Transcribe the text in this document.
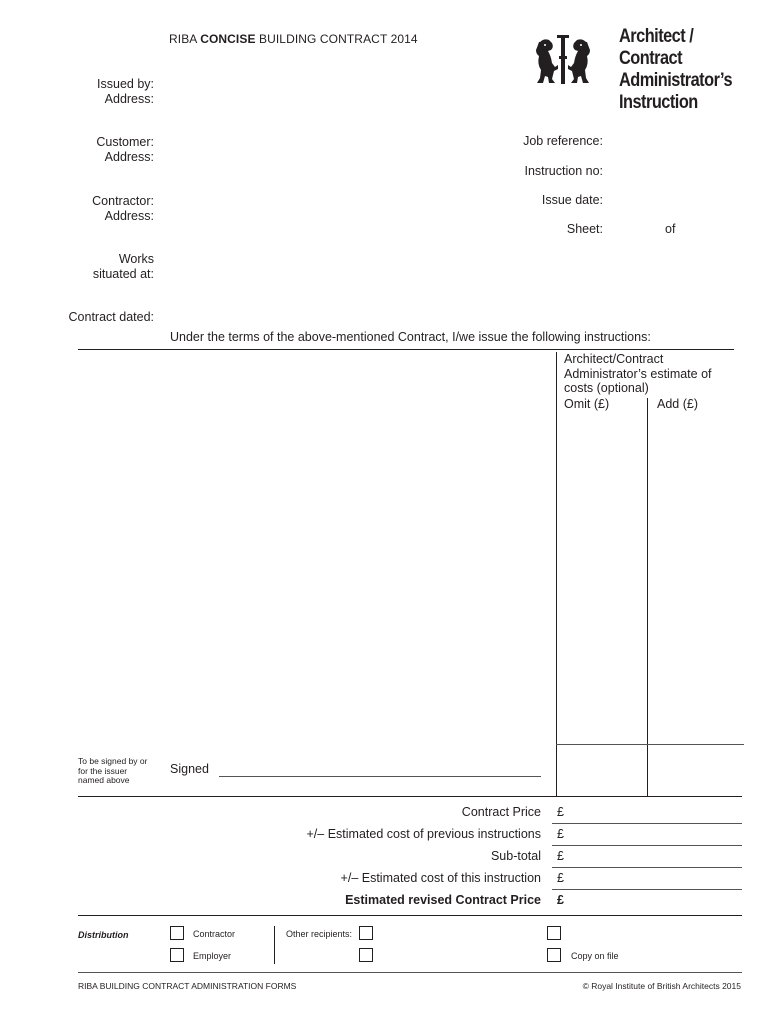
RIBA CONCISE BUILDING CONTRACT 2014	Architect /
Contract
Administrator’s
Instruction
Issued by:
Address:
Customer:
Address:
Contractor:
Address:
Works
situated at:
Contract dated:
Job reference:
Instruction no:
Issue date:
Sheet:	of
Under the terms of the above-mentioned Contract, I/we issue the following instructions:
Architect/Contract Administrator’s estimate of costs (optional)
Omit (£)	Add (£)
To be signed by or for the issuer named above
Signed
Contract Price £
+/– Estimated cost of previous instructions £
Sub-total £
+/– Estimated cost of this instruction £
Estimated revised Contract Price £
Distribution	Contractor
Employer
Other recipients:
Copy on file
RIBA BUILDING CONTRACT ADMINISTRATION FORMS	© Royal Institute of British Architects 2015
